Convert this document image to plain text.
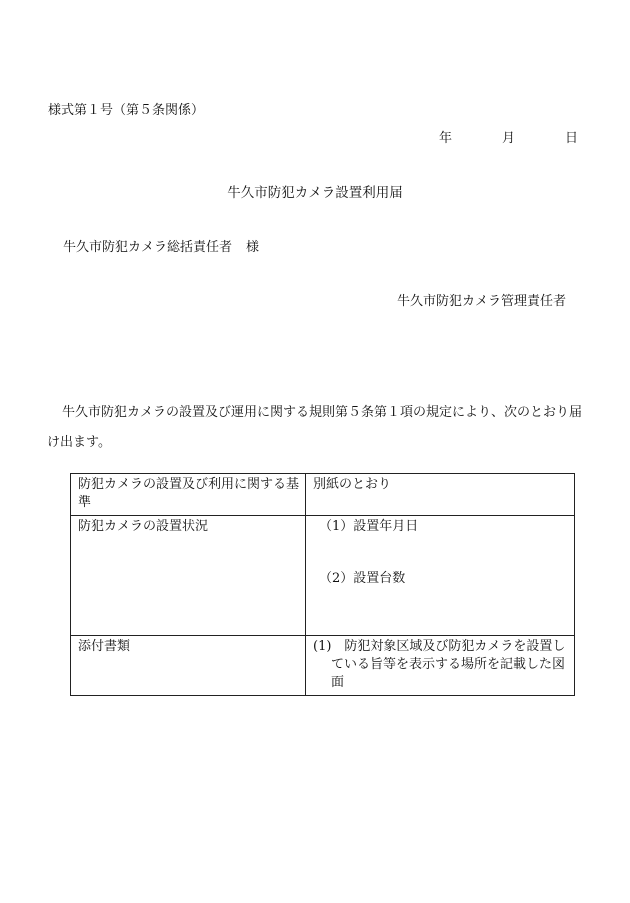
様式第１号（第５条関係）
年	月	日
牛久市防犯カメラ設置利用届
牛久市防犯カメラ総括責任者 様
牛久市防犯カメラ管理責任者
牛久市防犯カメラの設置及び運用に関する規則第５条第１項の規定により、次のとおり届け出ます。
防犯カメラの設置及び利用に関する基準	別紙のとおり
防犯カメラの設置状況	（1）設置年月日
（2）設置台数

添付書類	(1)　防犯対象区域及び防犯カメラを設置している旨等を表示する場所を記載した図面
